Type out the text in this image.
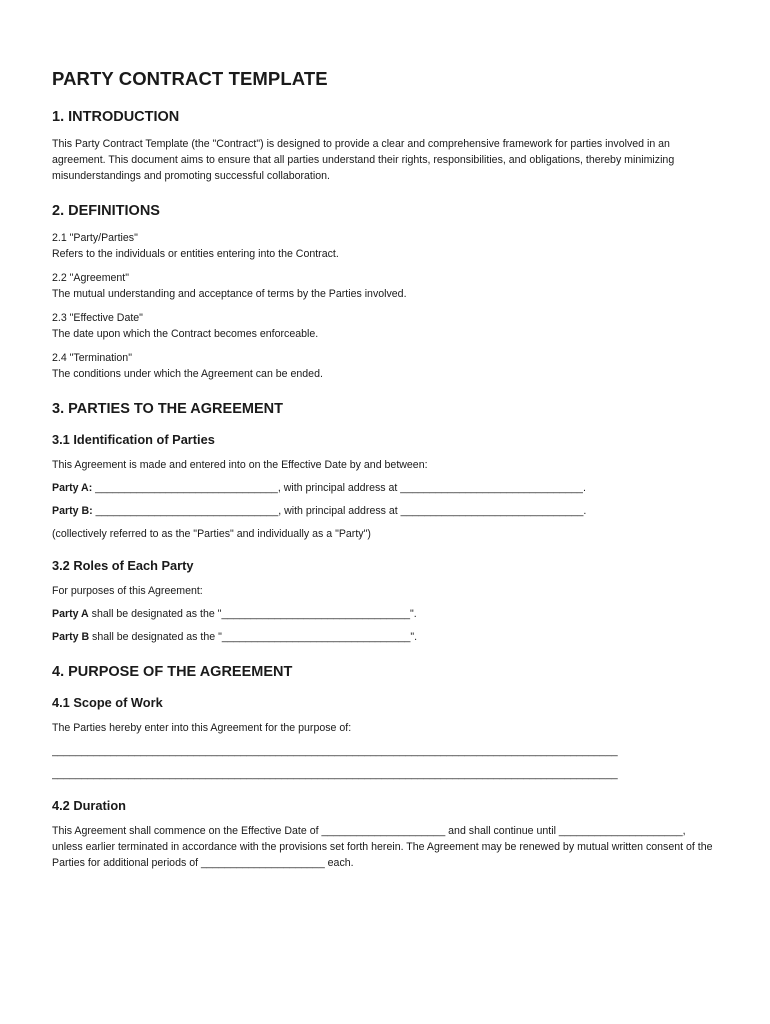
PARTY CONTRACT TEMPLATE
1. INTRODUCTION

This Party Contract Template (the "Contract") is designed to provide a clear and comprehensive framework for parties involved in an agreement. This document aims to ensure that all parties understand their rights, responsibilities, and obligations, thereby minimizing misunderstandings and promoting successful collaboration.

2. DEFINITIONS

2.1 "Party/Parties"

Refers to the individuals or entities entering into the Contract.

2.2 "Agreement"

The mutual understanding and acceptance of terms by the Parties involved.

2.3 "Effective Date"

The date upon which the Contract becomes enforceable.

2.4 "Termination"

The conditions under which the Agreement can be ended.

3. PARTIES TO THE AGREEMENT
3.1 Identification of Parties

This Agreement is made and entered into on the Effective Date by and between:

Party A: _______________________________, with principal address at _______________________________.

Party B: _______________________________, with principal address at _______________________________.

(collectively referred to as the "Parties" and individually as a "Party")

3.2 Roles of Each Party

For purposes of this Agreement:

Party A shall be designated as the "________________________________".

Party B shall be designated as the "________________________________".

4. PURPOSE OF THE AGREEMENT
4.1 Scope of Work

The Parties hereby enter into this Agreement for the purpose of:

________________________________________________________________________________________________

________________________________________________________________________________________________

4.2 Duration

This Agreement shall commence on the Effective Date of _____________________ and shall continue until _____________________, unless earlier terminated in accordance with the provisions set forth herein. The Agreement may be renewed by mutual written consent of the Parties for additional periods of _____________________ each.
